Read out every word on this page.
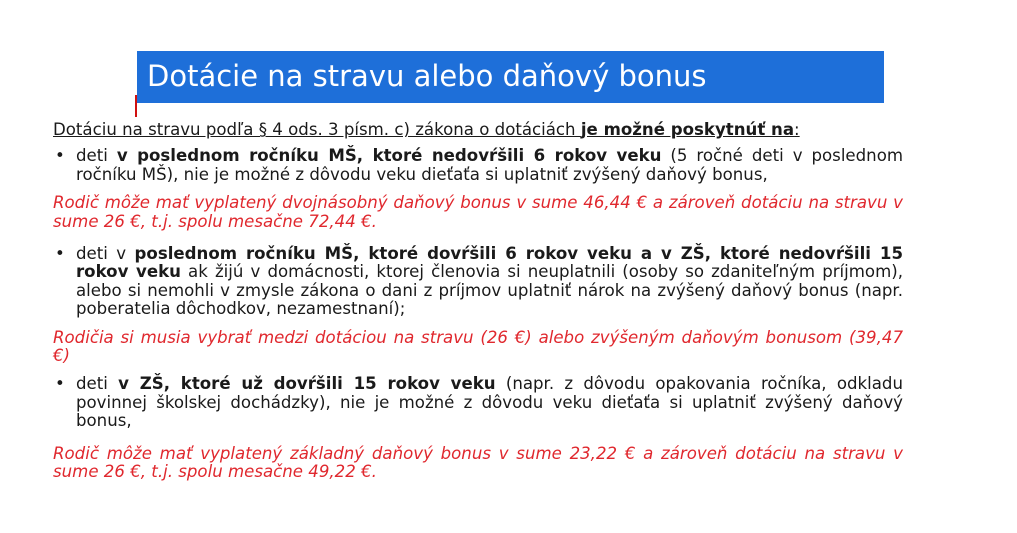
Dotácie na stravu alebo daňový bonus
Dotáciu na stravu podľa § 4 ods. 3 písm. c) zákona o dotáciách je možné poskytnúť na:
• deti v poslednom ročníku MŠ, ktoré nedovŕšili 6 rokov veku (5 ročné deti v poslednom ročníku MŠ), nie je možné z dôvodu veku dieťaťa si uplatniť zvýšený daňový bonus,
Rodič môže mať vyplatený dvojnásobný daňový bonus v sume 46,44 € a zároveň dotáciu na stravu v sume 26 €, t.j. spolu mesačne 72,44 €.
• deti v poslednom ročníku MŠ, ktoré dovŕšili 6 rokov veku a v ZŠ, ktoré nedovŕšili 15 rokov veku ak žijú v domácnosti, ktorej členovia si neuplatnili (osoby so zdaniteľným príjmom), alebo si nemohli v zmysle zákona o dani z príjmov uplatniť nárok na zvýšený daňový bonus (napr. poberatelia dôchodkov, nezamestnaní);
Rodičia si musia vybrať medzi dotáciou na stravu (26 €) alebo zvýšeným daňovým bonusom (39,47 €)
• deti v ZŠ, ktoré už dovŕšili 15 rokov veku (napr. z dôvodu opakovania ročníka, odkladu povinnej školskej dochádzky), nie je možné z dôvodu veku dieťaťa si uplatniť zvýšený daňový bonus,
Rodič môže mať vyplatený základný daňový bonus v sume 23,22 € a zároveň dotáciu na stravu v sume 26 €, t.j. spolu mesačne 49,22 €.
